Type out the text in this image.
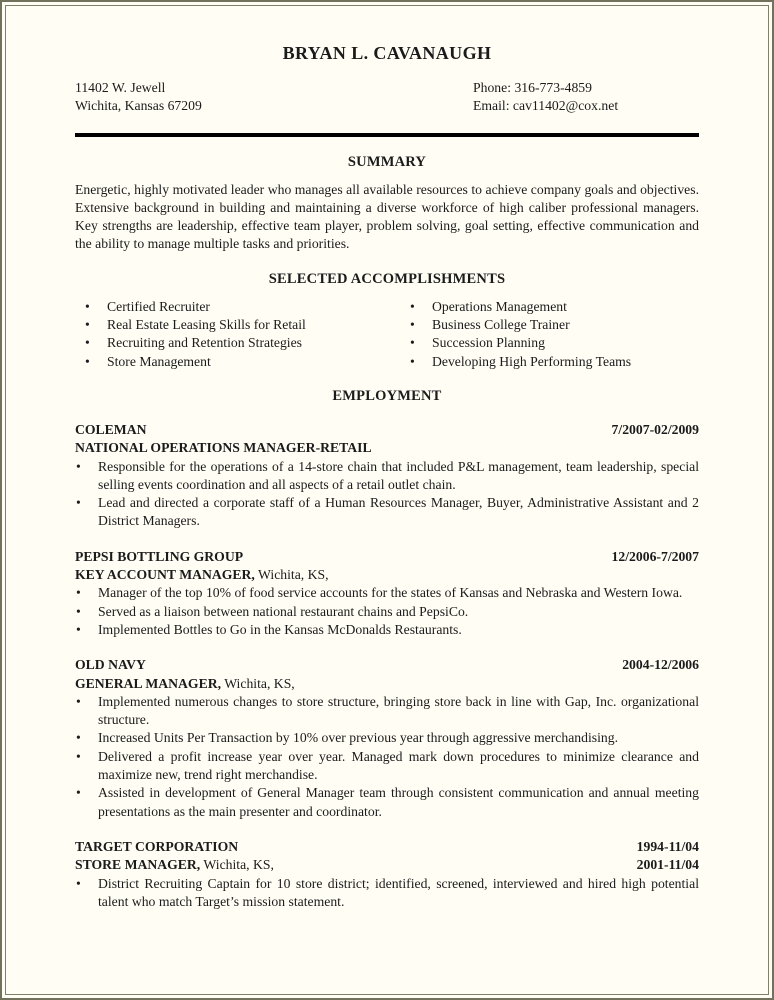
BRYAN L. CAVANAUGH
11402 W. Jewell
Wichita, Kansas 67209
Phone: 316-773-4859
Email: cav11402@cox.net
SUMMARY

Energetic, highly motivated leader who manages all available resources to achieve company goals and objectives. Extensive background in building and maintaining a diverse workforce of high caliber professional managers. Key strengths are leadership, effective team player, problem solving, goal setting, effective communication and the ability to manage multiple tasks and priorities.

SELECTED ACCOMPLISHMENTS
•	Certified Recruiter
•	Real Estate Leasing Skills for Retail
•	Recruiting and Retention Strategies
•	Store Management
•	Operations Management
•	Business College Trainer
•	Succession Planning
•	Developing High Performing Teams
EMPLOYMENT
COLEMAN	7/2007-02/2009
NATIONAL OPERATIONS MANAGER-RETAIL
•	Responsible for the operations of a 14-store chain that included P&L management, team leadership, special selling events coordination and all aspects of a retail outlet chain.
•	Lead and directed a corporate staff of a Human Resources Manager, Buyer, Administrative Assistant and 2 District Managers.
PEPSI BOTTLING GROUP	12/2006-7/2007
KEY ACCOUNT MANAGER, Wichita, KS,
•	Manager of the top 10% of food service accounts for the states of Kansas and Nebraska and Western Iowa.
•	Served as a liaison between national restaurant chains and PepsiCo.
•	Implemented Bottles to Go in the Kansas McDonalds Restaurants.
OLD NAVY	2004-12/2006
GENERAL MANAGER, Wichita, KS,
•	Implemented numerous changes to store structure, bringing store back in line with Gap, Inc. organizational structure.
•	Increased Units Per Transaction by 10% over previous year through aggressive merchandising.
•	Delivered a profit increase year over year. Managed mark down procedures to minimize clearance and maximize new, trend right merchandise.
•	Assisted in development of General Manager team through consistent communication and annual meeting presentations as the main presenter and coordinator.
TARGET CORPORATION	1994-11/04
STORE MANAGER, Wichita, KS,	2001-11/04
•	District Recruiting Captain for 10 store district; identified, screened, interviewed and hired high potential talent who match Target’s mission statement.
